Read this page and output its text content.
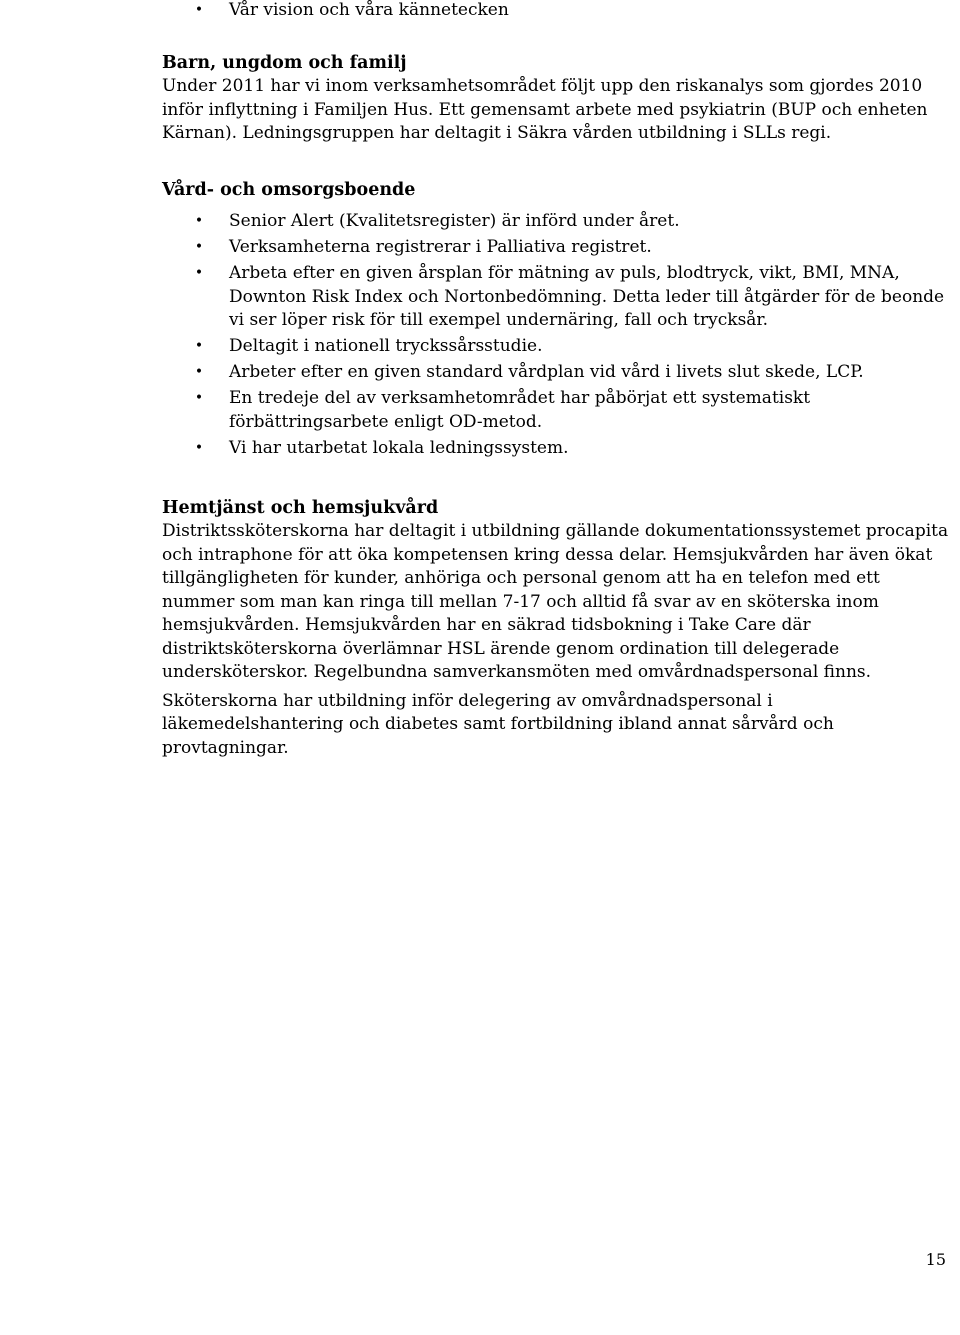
• Vår vision och våra kännetecken
Barn, ungdom och familj

Under 2011 har vi inom verksamhetsområdet följt upp den riskanalys som gjordes 2010 inför inflyttning i Familjen Hus. Ett gemensamt arbete med psykiatrin (BUP och enheten Kärnan). Ledningsgruppen har deltagit i Säkra vården utbildning i SLLs regi.

Vård- och omsorgsboende
• Senior Alert (Kvalitetsregister) är införd under året.
• Verksamheterna registrerar i Palliativa registret.
• Arbeta efter en given årsplan för mätning av puls, blodtryck, vikt, BMI, MNA, Downton Risk Index och Nortonbedömning. Detta leder till åtgärder för de beonde vi ser löper risk för till exempel undernäring, fall och trycksår.
• Deltagit i nationell tryckssårsstudie.
• Arbeter efter en given standard vårdplan vid vård i livets slut skede, LCP.
• En tredeje del av verksamhetområdet har påbörjat ett systematiskt förbättringsarbete enligt OD-metod.
• Vi har utarbetat lokala ledningssystem.
Hemtjänst och hemsjukvård

Distriktssköterskorna har deltagit i utbildning gällande dokumentationssystemet procapita och intraphone för att öka kompetensen kring dessa delar. Hemsjukvården har även ökat tillgängligheten för kunder, anhöriga och personal genom att ha en telefon med ett nummer som man kan ringa till mellan 7-17 och alltid få svar av en sköterska inom hemsjukvården. Hemsjukvården har en säkrad tidsbokning i Take Care där distriktsköterskorna överlämnar HSL ärende genom ordination till delegerade undersköterskor. Regelbundna samverkansmöten med omvårdnadspersonal finns.

Sköterskorna har utbildning inför delegering av omvårdnadspersonal i läkemedelshantering och diabetes samt fortbildning ibland annat sårvård och provtagningar.

15
